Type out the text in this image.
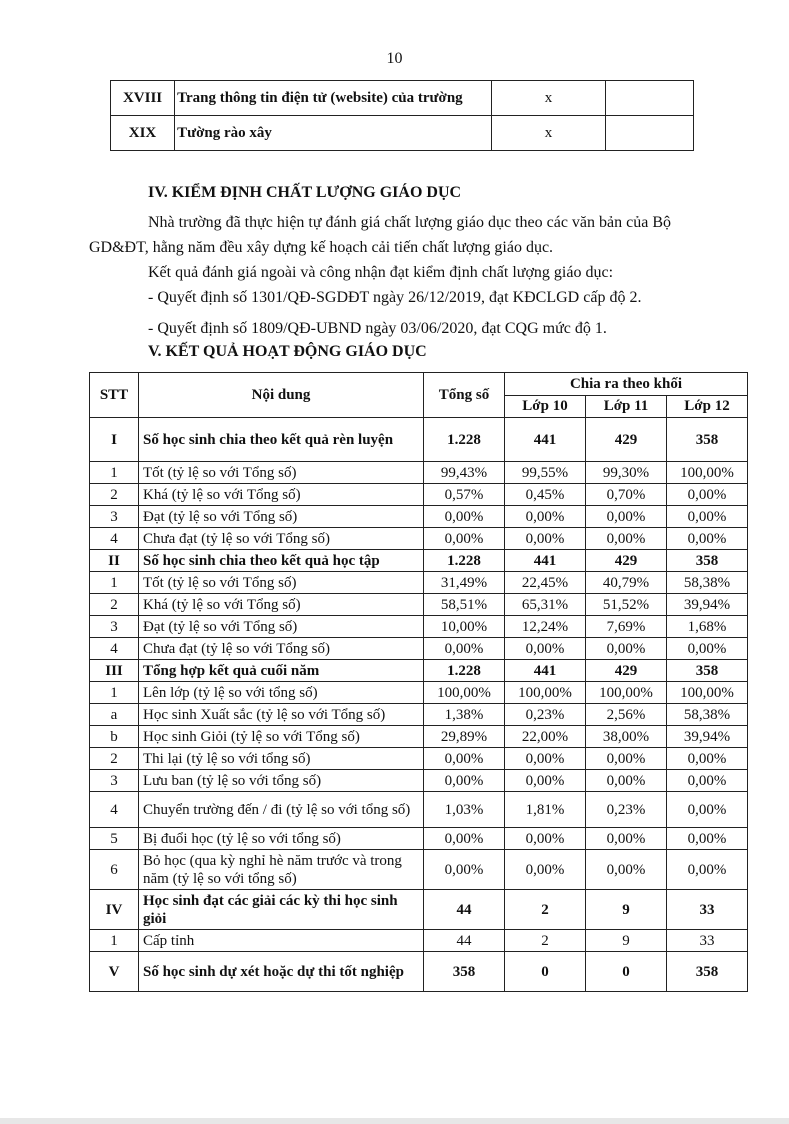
10
XVIII	Trang thông tin điện tử (website) của trường	x	
XIX	Tường rào xây	x	
IV. KIỂM ĐỊNH CHẤT LƯỢNG GIÁO DỤC
Nhà trường đã thực hiện tự đánh giá chất lượng giáo dục theo các văn bản của Bộ
GD&ĐT, hằng năm đều xây dựng kế hoạch cải tiến chất lượng giáo dục.
Kết quả đánh giá ngoài và công nhận đạt kiểm định chất lượng giáo dục:
- Quyết định số 1301/QĐ-SGDĐT ngày 26/12/2019, đạt KĐCLGD cấp độ 2.
- Quyết định số 1809/QĐ-UBND ngày 03/06/2020, đạt CQG mức độ 1.
V. KẾT QUẢ HOẠT ĐỘNG GIÁO DỤC
STT	Nội dung	Tổng số	Chia ra theo khối		
			Lớp 10	Lớp 11	Lớp 12
I	Số học sinh chia theo kết quả rèn luyện	1.228	441	429	358
1	Tốt (tỷ lệ so với Tổng số)	99,43%	99,55%	99,30%	100,00%
2	Khá (tỷ lệ so với Tổng số)	0,57%	0,45%	0,70%	0,00%
3	Đạt (tỷ lệ so với Tổng số)	0,00%	0,00%	0,00%	0,00%
4	Chưa đạt (tỷ lệ so với Tổng số)	0,00%	0,00%	0,00%	0,00%
II	Số học sinh chia theo kết quả học tập	1.228	441	429	358
1	Tốt (tỷ lệ so với Tổng số)	31,49%	22,45%	40,79%	58,38%
2	Khá (tỷ lệ so với Tổng số)	58,51%	65,31%	51,52%	39,94%
3	Đạt (tỷ lệ so với Tổng số)	10,00%	12,24%	7,69%	1,68%
4	Chưa đạt (tỷ lệ so với Tổng số)	0,00%	0,00%	0,00%	0,00%
III	Tổng hợp kết quả cuối năm	1.228	441	429	358
1	Lên lớp (tỷ lệ so với tổng số)	100,00%	100,00%	100,00%	100,00%
a	Học sinh Xuất sắc (tỷ lệ so với Tổng số)	1,38%	0,23%	2,56%	58,38%
b	Học sinh Giỏi (tỷ lệ so với Tổng số)	29,89%	22,00%	38,00%	39,94%
2	Thi lại (tỷ lệ so với tổng số)	0,00%	0,00%	0,00%	0,00%
3	Lưu ban (tỷ lệ so với tổng số)	0,00%	0,00%	0,00%	0,00%
4	Chuyển trường đến / đi (tỷ lệ so với tổng số)	1,03%	1,81%	0,23%	0,00%
5	Bị đuổi học (tỷ lệ so với tổng số)	0,00%	0,00%	0,00%	0,00%
6	Bỏ học (qua kỳ nghỉ hè năm trước và trong năm (tỷ lệ so với tổng số)	0,00%	0,00%	0,00%	0,00%
IV	Học sinh đạt các giải các kỳ thi học sinh giỏi	44	2	9	33
1	Cấp tỉnh	44	2	9	33
V	Số học sinh dự xét hoặc dự thi tốt nghiệp	358	0	0	358
